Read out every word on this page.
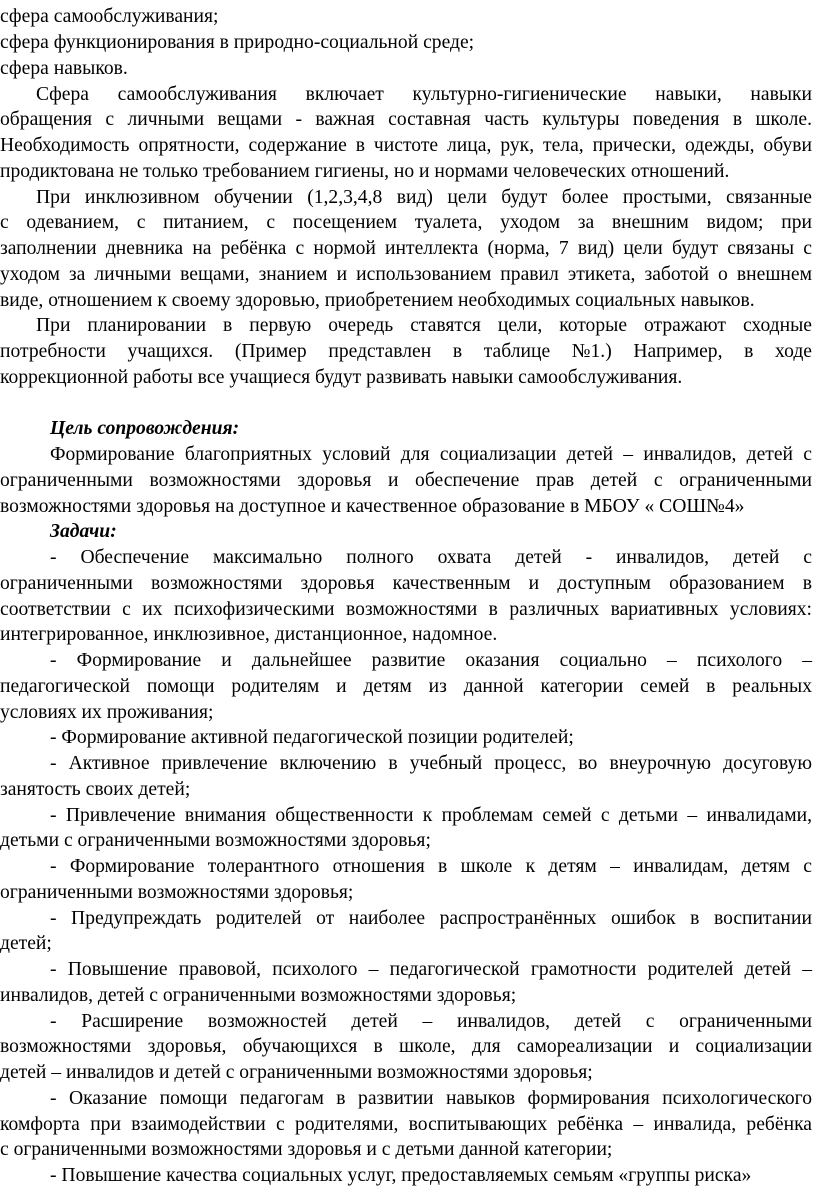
сфера самообслуживания;
сфера функционирования в природно-социальной среде;
сфера навыков.
Сфера самообслуживания включает культурно-гигиенические навыки, навыки
обращения с личными вещами - важная составная часть культуры поведения в школе.
Необходимость опрятности, содержание в чистоте лица, рук, тела, прически, одежды, обуви
продиктована не только требованием гигиены, но и нормами человеческих отношений.
При инклюзивном обучении (1,2,3,4,8 вид) цели будут более простыми, связанные
с одеванием, с питанием, с посещением туалета, уходом за внешним видом; при
заполнении дневника на ребёнка с нормой интеллекта (норма, 7 вид) цели будут связаны с
уходом за личными вещами, знанием и использованием правил этикета, заботой о внешнем
виде, отношением к своему здоровью, приобретением необходимых социальных навыков.
При планировании в первую очередь ставятся цели, которые отражают сходные
потребности учащихся. (Пример представлен в таблице №1.) Например, в ходе
коррекционной работы все учащиеся будут развивать навыки самообслуживания.
Цель сопровождения:
Формирование благоприятных условий для социализации детей – инвалидов, детей с
ограниченными возможностями здоровья и обеспечение прав детей с ограниченными
возможностями здоровья на доступное и качественное образование в МБОУ « СОШ№4»
Задачи:
- Обеспечение максимально полного охвата детей - инвалидов, детей с
ограниченными возможностями здоровья качественным и доступным образованием в
соответствии с их психофизическими возможностями в различных вариативных условиях:
интегрированное, инклюзивное, дистанционное, надомное.
- Формирование и дальнейшее развитие оказания социально – психолого –
педагогической помощи родителям и детям из данной категории семей в реальных
условиях их проживания;
- Формирование активной педагогической позиции родителей;
- Активное привлечение включению в учебный процесс, во внеурочную досуговую
занятость своих детей;
- Привлечение внимания общественности к проблемам семей с детьми – инвалидами,
детьми с ограниченными возможностями здоровья;
- Формирование толерантного отношения в школе к детям – инвалидам, детям с
ограниченными возможностями здоровья;
- Предупреждать родителей от наиболее распространённых ошибок в воспитании
детей;
- Повышение правовой, психолого – педагогической грамотности родителей детей –
инвалидов, детей с ограниченными возможностями здоровья;
- Расширение возможностей детей – инвалидов, детей с ограниченными
возможностями здоровья, обучающихся в школе, для самореализации и социализации
детей – инвалидов и детей с ограниченными возможностями здоровья;
- Оказание помощи педагогам в развитии навыков формирования психологического
комфорта при взаимодействии с родителями, воспитывающих ребёнка – инвалида, ребёнка
с ограниченными возможностями здоровья и с детьми данной категории;
- Повышение качества социальных услуг, предоставляемых семьям «группы риска»
